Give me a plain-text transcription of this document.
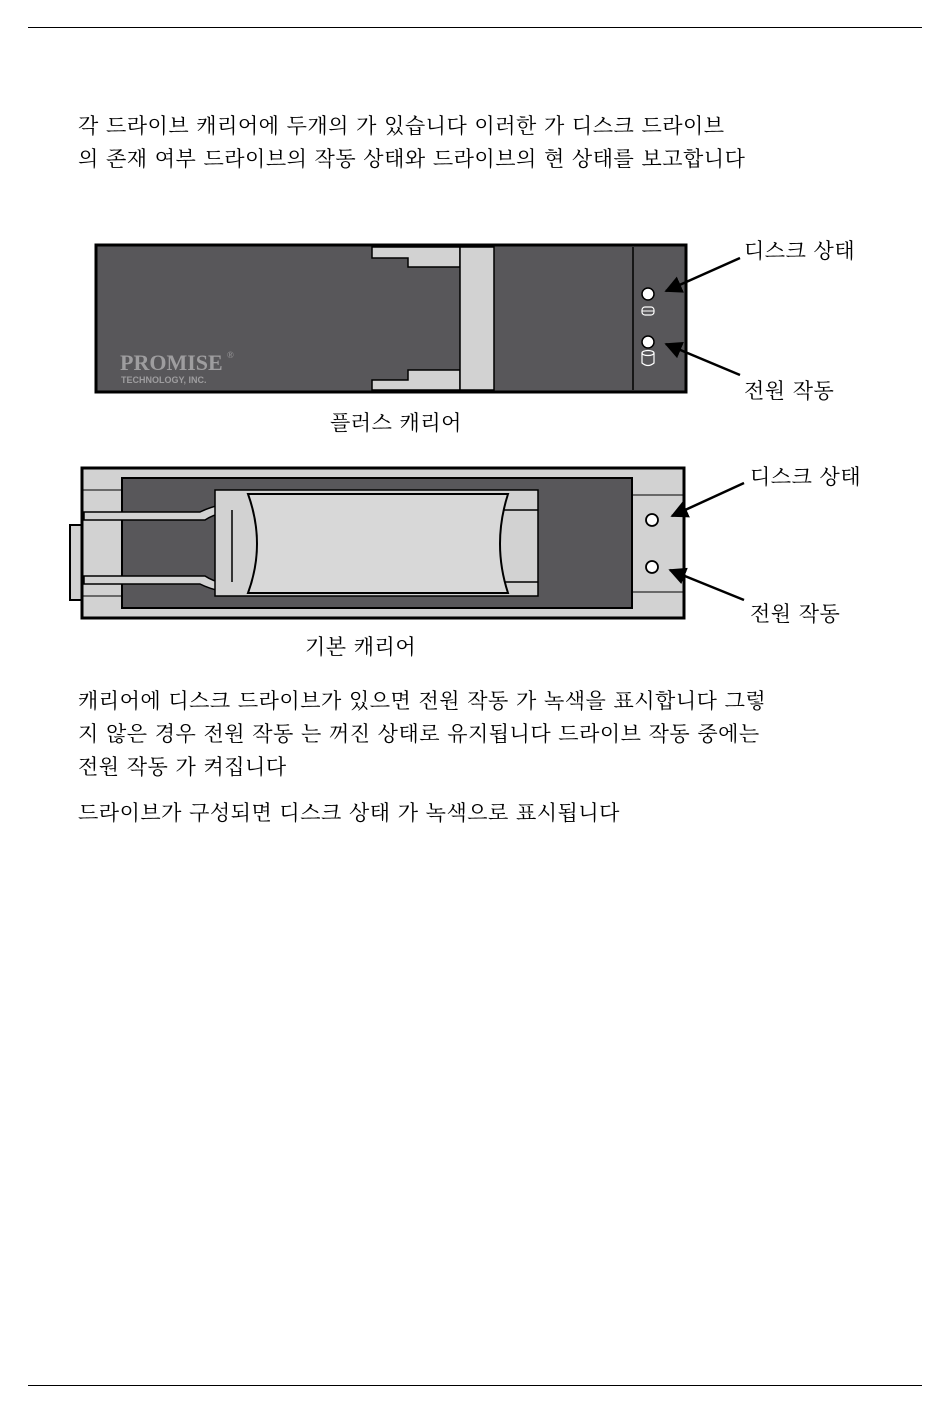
각 드라이브 캐리어에 두개의 가 있습니다 이러한 가 디스크 드라이브
의 존재 여부 드라이브의 작동 상태와 드라이브의 현 상태를 보고합니다
PROMISE ®
TECHNOLOGY, INC.
디스크 상태
전원 작동
플러스 캐리어
디스크 상태
전원 작동
기본 캐리어
캐리어에 디스크 드라이브가 있으면 전원 작동 가 녹색을 표시합니다 그렇
지 않은 경우 전원 작동 는 꺼진 상태로 유지됩니다 드라이브 작동 중에는
전원 작동 가 켜집니다
드라이브가 구성되면 디스크 상태 가 녹색으로 표시됩니다
